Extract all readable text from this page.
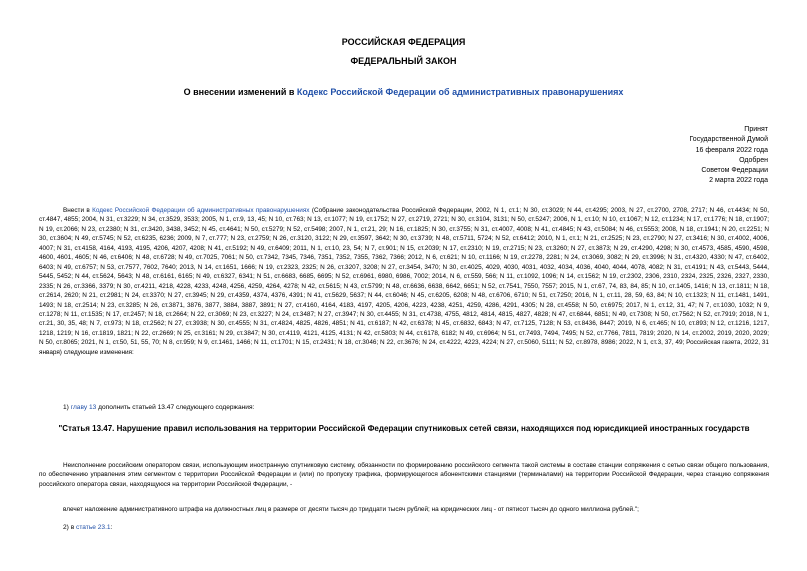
РОССИЙСКАЯ ФЕДЕРАЦИЯ
ФЕДЕРАЛЬНЫЙ ЗАКОН
О внесении изменений в Кодекс Российской Федерации об административных правонарушениях
Принят
Государственной Думой
16 февраля 2022 года
Одобрен
Советом Федерации
2 марта 2022 года
Внести в Кодекс Российской Федерации об административных правонарушениях (Собрание законодательства Российской Федерации, 2002, N 1, ст.1; N 30, ст.3029; N 44, ст.4295; 2003, N 27, ст.2700, 2708, 2717; N 46, ст.4434; N 50, ст.4847, 4855; 2004, N 31, ст.3229; N 34, ст.3529, 3533; 2005, N 1, ст.9, 13, 45; N 10, ст.763; N 13, ст.1077; N 19, ст.1752; N 27, ст.2719, 2721; N 30, ст.3104, 3131; N 50, ст.5247; 2006, N 1, ст.10; N 10, ст.1067; N 12, ст.1234; N 17, ст.1776; N 18, ст.1907; N 19, ст.2066; N 23, ст.2380; N 31, ст.3420, 3438, 3452; N 45, ст.4641; N 50, ст.5279; N 52, ст.5498; 2007, N 1, ст.21, 29; N 16, ст.1825; N 30, ст.3755; N 31, ст.4007, 4008; N 41, ст.4845; N 43, ст.5084; N 46, ст.5553; 2008, N 18, ст.1941; N 20, ст.2251; N 30, ст.3604; N 49, ст.5745; N 52, ст.6235, 6236; 2009, N 7, ст.777; N 23, ст.2759; N 26, ст.3120, 3122; N 29, ст.3597, 3642; N 30, ст.3739; N 48, ст.5711, 5724; N 52, ст.6412; 2010, N 1, ст.1; N 21, ст.2525; N 23, ст.2790; N 27, ст.3416; N 30, ст.4002, 4006, 4007; N 31, ст.4158, 4164, 4193, 4195, 4206, 4207, 4208; N 41, ст.5192; N 49, ст.6409; 2011, N 1, ст.10, 23, 54; N 7, ст.901; N 15, ст.2039; N 17, ст.2310; N 19, ст.2715; N 23, ст.3260; N 27, ст.3873; N 29, ст.4290, 4298; N 30, ст.4573, 4585, 4590, 4598, 4600, 4601, 4605; N 46, ст.6406; N 48, ст.6728; N 49, ст.7025, 7061; N 50, ст.7342, 7345, 7346, 7351, 7352, 7355, 7362, 7366; 2012, N 6, ст.621; N 10, ст.1166; N 19, ст.2278, 2281; N 24, ст.3069, 3082; N 29, ст.3996; N 31, ст.4320, 4330; N 47, ст.6402, 6403; N 49, ст.6757; N 53, ст.7577, 7602, 7640; 2013, N 14, ст.1651, 1666; N 19, ст.2323, 2325; N 26, ст.3207, 3208; N 27, ст.3454, 3470; N 30, ст.4025, 4029, 4030, 4031, 4032, 4034, 4036, 4040, 4044, 4078, 4082; N 31, ст.4191; N 43, ст.5443, 5444, 5445, 5452; N 44, ст.5624, 5643; N 48, ст.6161, 6165; N 49, ст.6327, 6341; N 51, ст.6683, 6685, 6695; N 52, ст.6961, 6980, 6986, 7002; 2014, N 6, ст.559, 566; N 11, ст.1092, 1096; N 14, ст.1562; N 19, ст.2302, 2306, 2310, 2324, 2325, 2326, 2327, 2330, 2335; N 26, ст.3366, 3379; N 30, ст.4211, 4218, 4228, 4233, 4248, 4256, 4259, 4264, 4278; N 42, ст.5615; N 43, ст.5799; N 48, ст.6636, 6638, 6642, 6651; N 52, ст.7541, 7550, 7557; 2015, N 1, ст.67, 74, 83, 84, 85; N 10, ст.1405, 1416; N 13, ст.1811; N 18, ст.2614, 2620; N 21, ст.2981; N 24, ст.3370; N 27, ст.3945; N 29, ст.4359, 4374, 4376, 4391; N 41, ст.5629, 5637; N 44, ст.6046; N 45, ст.6205, 6208; N 48, ст.6706, 6710; N 51, ст.7250; 2016, N 1, ст.11, 28, 59, 63, 84; N 10, ст.1323; N 11, ст.1481, 1491, 1493; N 18, ст.2514; N 23, ст.3285; N 26, ст.3871, 3876, 3877, 3884, 3887, 3891; N 27, ст.4160, 4164, 4183, 4197, 4205, 4206, 4223, 4238, 4251, 4259, 4286, 4291, 4305; N 28, ст.4558; N 50, ст.6975; 2017, N 1, ст.12, 31, 47; N 7, ст.1030, 1032; N 9, ст.1278; N 11, ст.1535; N 17, ст.2457; N 18, ст.2664; N 22, ст.3069; N 23, ст.3227; N 24, ст.3487; N 27, ст.3947; N 30, ст.4455; N 31, ст.4738, 4755, 4812, 4814, 4815, 4827, 4828; N 47, ст.6844, 6851; N 49, ст.7308; N 50, ст.7562; N 52, ст.7919; 2018, N 1, ст.21, 30, 35, 48; N 7, ст.973; N 18, ст.2562; N 27, ст.3938; N 30, ст.4555; N 31, ст.4824, 4825, 4826, 4851; N 41, ст.6187; N 42, ст.6378; N 45, ст.6832, 6843; N 47, ст.7125, 7128; N 53, ст.8436, 8447; 2019, N 6, ст.465; N 10, ст.893; N 12, ст.1216, 1217, 1218, 1219; N 16, ст.1819, 1821; N 22, ст.2669; N 25, ст.3161; N 29, ст.3847; N 30, ст.4119, 4121, 4125, 4131; N 42, ст.5803; N 44, ст.6178, 6182; N 49, ст.6964; N 51, ст.7493, 7494, 7495; N 52, ст.7766, 7811, 7819; 2020, N 14, ст.2002, 2019, 2020, 2029; N 50, ст.8065; 2021, N 1, ст.50, 51, 55, 70; N 8, ст.959; N 9, ст.1461, 1466; N 11, ст.1701; N 15, ст.2431; N 18, ст.3046; N 22, ст.3676; N 24, ст.4222, 4223, 4224; N 27, ст.5060, 5111; N 52, ст.8978, 8986; 2022, N 1, ст.3, 37, 49; Российская газета, 2022, 31 января) следующие изменения:
1) главу 13 дополнить статьей 13.47 следующего содержания:
"Статья 13.47. Нарушение правил использования на территории Российской Федерации спутниковых сетей связи, находящихся под юрисдикцией иностранных государств
Неисполнение российским оператором связи, использующим иностранную спутниковую систему, обязанности по формированию российского сегмента такой системы в составе станции сопряжения с сетью связи общего пользования, по обеспечению управления этим сегментом с территории Российской Федерации и (или) по пропуску трафика, формирующегося абонентскими станциями (терминалами) на территории Российской Федерации, через станцию сопряжения российского оператора связи, находящуюся на территории Российской Федерации, -
влечет наложение административного штрафа на должностных лиц в размере от десяти тысяч до тридцати тысяч рублей; на юридических лиц - от пятисот тысяч до одного миллиона рублей.";
2) в статье 23.1:
